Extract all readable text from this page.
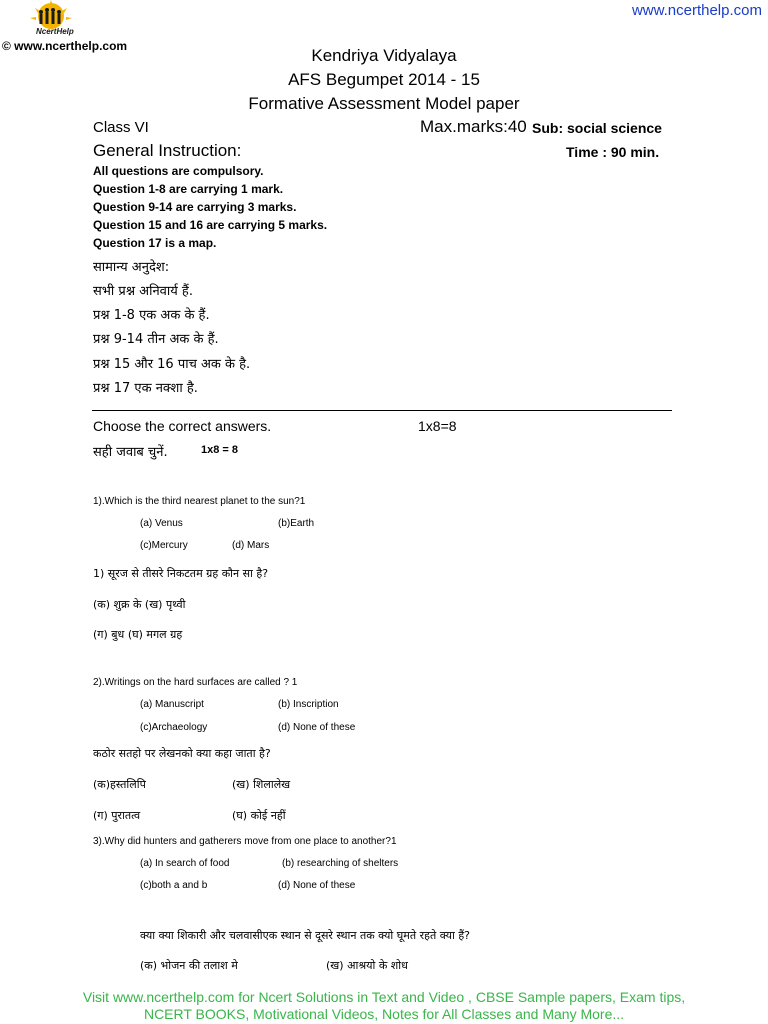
NcertHelp
© www.ncerthelp.com
www.ncerthelp.com
Kendriya Vidyalaya
AFS Begumpet 2014 - 15
Formative Assessment Model paper
Class VI	Max.marks:40 Sub: social science
General Instruction:	Time : 90 min.
All questions are compulsory.
Question 1-8 are carrying 1 mark.
Question 9-14 are carrying 3 marks.
Question 15 and 16 are carrying 5 marks.
Question 17 is a map.
सामान्य अनुदेश:
सभी प्रश्न अनिवार्य हैं.
प्रश्न 1-8 एक अक के हैं.
प्रश्न 9-14 तीन अक के हैं.
प्रश्न 15 और 16 पाच अक के है.
प्रश्न 17 एक नक्शा है.
Choose the correct answers.	1x8=8
सही जवाब चुनें.	1x8 = 8
1).Which is the third nearest planet to the sun?1
(a) Venus	(b)Earth
(c)Mercury	(d) Mars
1) सूरज से तीसरे निकटतम ग्रह कौन सा है?
(क) शुक्र के (ख) पृथ्वी
(ग) बुध (घ) मगल ग्रह
2).Writings on the hard surfaces are called ? 1
(a) Manuscript	(b) Inscription
(c)Archaeology	(d) None of these
कठोर सतहो पर लेखनको क्या कहा जाता है?
(क)हस्तलिपि	(ख) शिलालेख
(ग) पुरातत्व	(घ) कोई नहीं
3).Why did hunters and gatherers move from one place to another?1
(a) In search of food	(b) researching of shelters
(c)both a and b	(d) None of these
क्या क्या शिकारी और चलवासीएक स्थान से दूसरे स्थान तक क्यो घूमते रहते क्या हैं?
(क) भोजन की तलाश मे	(ख) आश्रयो के शोध
Visit www.ncerthelp.com for Ncert Solutions in Text and Video , CBSE Sample papers, Exam tips,
NCERT BOOKS, Motivational Videos, Notes for All Classes and Many More...
